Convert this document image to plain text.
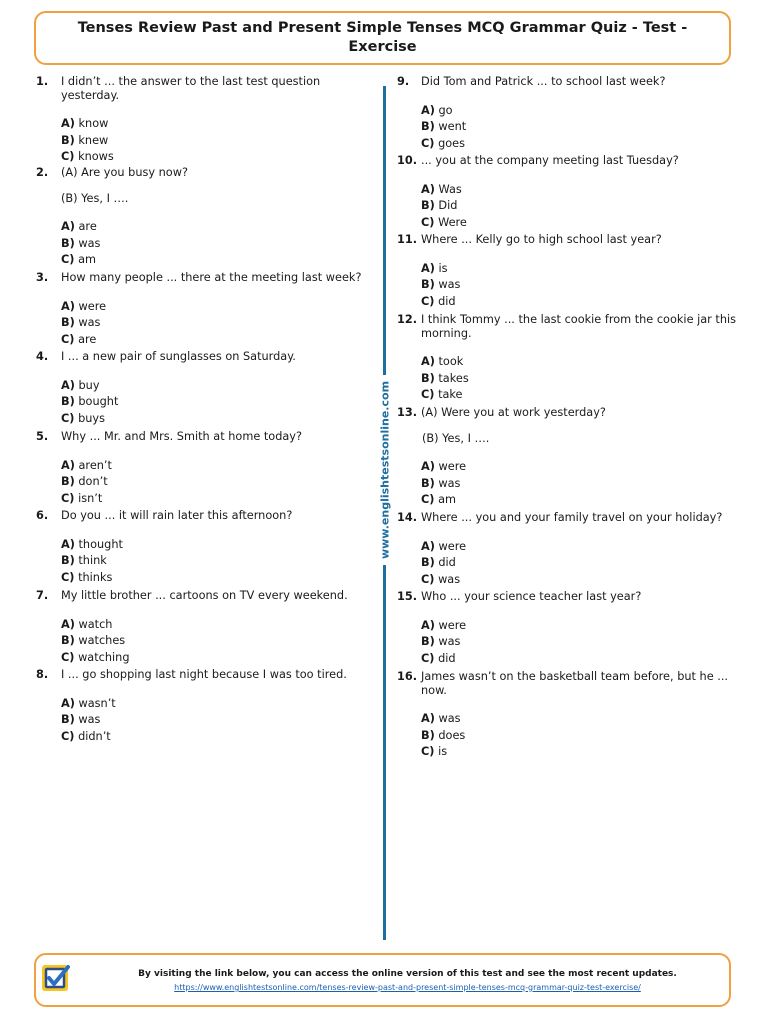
Tenses Review Past and Present Simple Tenses MCQ Grammar Quiz - Test - Exercise
www.englishtestsonline.com
1.	I didn’t ... the answer to the last test question yesterday.
A) know
B) knew
C) knows
2.	(A) Are you busy now?
(B) Yes, I ….
A) are
B) was
C) am
3.	How many people ... there at the meeting last week?
A) were
B) was
C) are
4.	I ... a new pair of sunglasses on Saturday.
A) buy
B) bought
C) buys
5.	Why ... Mr. and Mrs. Smith at home today?
A) aren’t
B) don’t
C) isn’t
6.	Do you ... it will rain later this afternoon?
A) thought
B) think
C) thinks
7.	My little brother ... cartoons on TV every weekend.
A) watch
B) watches
C) watching
8.	I ... go shopping last night because I was too tired.
A) wasn’t
B) was
C) didn’t
9.	Did Tom and Patrick ... to school last week?
A) go
B) went
C) goes
10. ... you at the company meeting last Tuesday?
A) Was
B) Did
C) Were
11. Where ... Kelly go to high school last year?
A) is
B) was
C) did
12. I think Tommy ... the last cookie from the cookie jar this morning.
A) took
B) takes
C) take
13. (A) Were you at work yesterday?
(B) Yes, I ….
A) were
B) was
C) am
14. Where ... you and your family travel on your holiday?
A) were
B) did
C) was
15. Who ... your science teacher last year?
A) were
B) was
C) did
16. James wasn’t on the basketball team before, but he ... now.
A) was
B) does
C) is
By visiting the link below, you can access the online version of this test and see the most recent updates.
https://www.englishtestsonline.com/tenses-review-past-and-present-simple-tenses-mcq-grammar-quiz-test-exercise/
